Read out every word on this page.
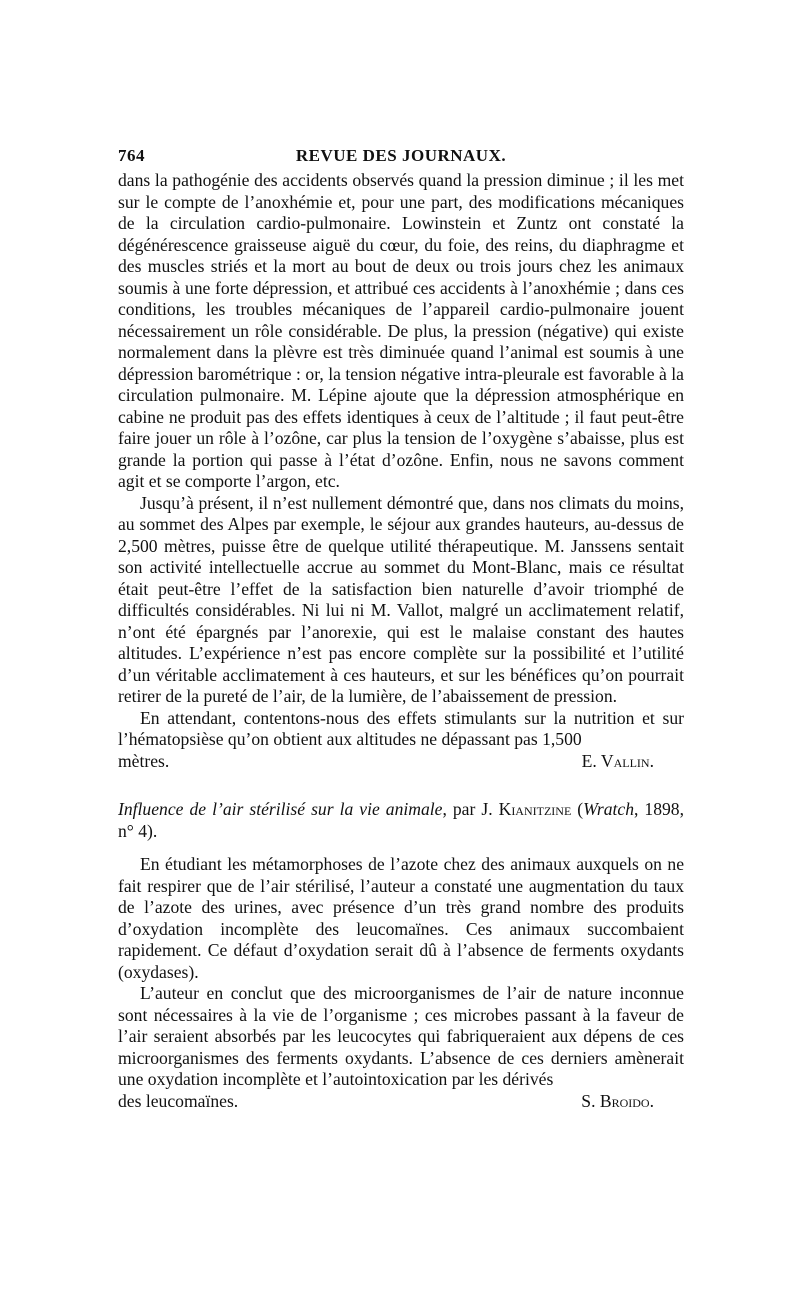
764	REVUE DES JOURNAUX.

dans la pathogénie des accidents observés quand la pression diminue ; il les met sur le compte de l’anoxhémie et, pour une part, des modifications mécaniques de la circulation cardio-pulmonaire. Lowinstein et Zuntz ont constaté la dégénérescence graisseuse aiguë du cœur, du foie, des reins, du diaphragme et des muscles striés et la mort au bout de deux ou trois jours chez les animaux soumis à une forte dépression, et attribué ces accidents à l’anoxhémie ; dans ces conditions, les troubles mécaniques de l’appareil cardio-pulmonaire jouent nécessairement un rôle considérable. De plus, la pression (négative) qui existe normalement dans la plèvre est très diminuée quand l’animal est soumis à une dépression barométrique : or, la tension négative intra-pleurale est favorable à la circulation pulmonaire. M. Lépine ajoute que la dépression atmosphérique en cabine ne produit pas des effets identiques à ceux de l’altitude ; il faut peut-être faire jouer un rôle à l’ozône, car plus la tension de l’oxygène s’abaisse, plus est grande la portion qui passe à l’état d’ozône. Enfin, nous ne savons comment agit et se comporte l’argon, etc.

Jusqu’à présent, il n’est nullement démontré que, dans nos climats du moins, au sommet des Alpes par exemple, le séjour aux grandes hauteurs, au-dessus de 2,500 mètres, puisse être de quelque utilité thérapeutique. M. Janssens sentait son activité intellectuelle accrue au sommet du Mont-Blanc, mais ce résultat était peut-être l’effet de la satisfaction bien naturelle d’avoir triomphé de difficultés considérables. Ni lui ni M. Vallot, malgré un acclimatement relatif, n’ont été épargnés par l’anorexie, qui est le malaise constant des hautes altitudes. L’expérience n’est pas encore complète sur la possibilité et l’utilité d’un véritable acclimatement à ces hauteurs, et sur les bénéfices qu’on pourrait retirer de la pureté de l’air, de la lumière, de l’abaissement de pression.

En attendant, contentons-nous des effets stimulants sur la nutrition et sur l’hématopsièse qu’on obtient aux altitudes ne dépassant pas 1,500

mètres.	E. Vallin.
Influence de l’air stérilisé sur la vie animale, par J. Kianitzine (Wratch, 1898, n° 4).

En étudiant les métamorphoses de l’azote chez des animaux auxquels on ne fait respirer que de l’air stérilisé, l’auteur a constaté une augmentation du taux de l’azote des urines, avec présence d’un très grand nombre des produits d’oxydation incomplète des leucomaïnes. Ces animaux succombaient rapidement. Ce défaut d’oxydation serait dû à l’absence de ferments oxydants (oxydases).

L’auteur en conclut que des microorganismes de l’air de nature inconnue sont nécessaires à la vie de l’organisme ; ces microbes passant à la faveur de l’air seraient absorbés par les leucocytes qui fabriqueraient aux dépens de ces microorganismes des ferments oxydants. L’absence de ces derniers amènerait une oxydation incomplète et l’autointoxication par les dérivés

des leucomaïnes.	S. Broido.
